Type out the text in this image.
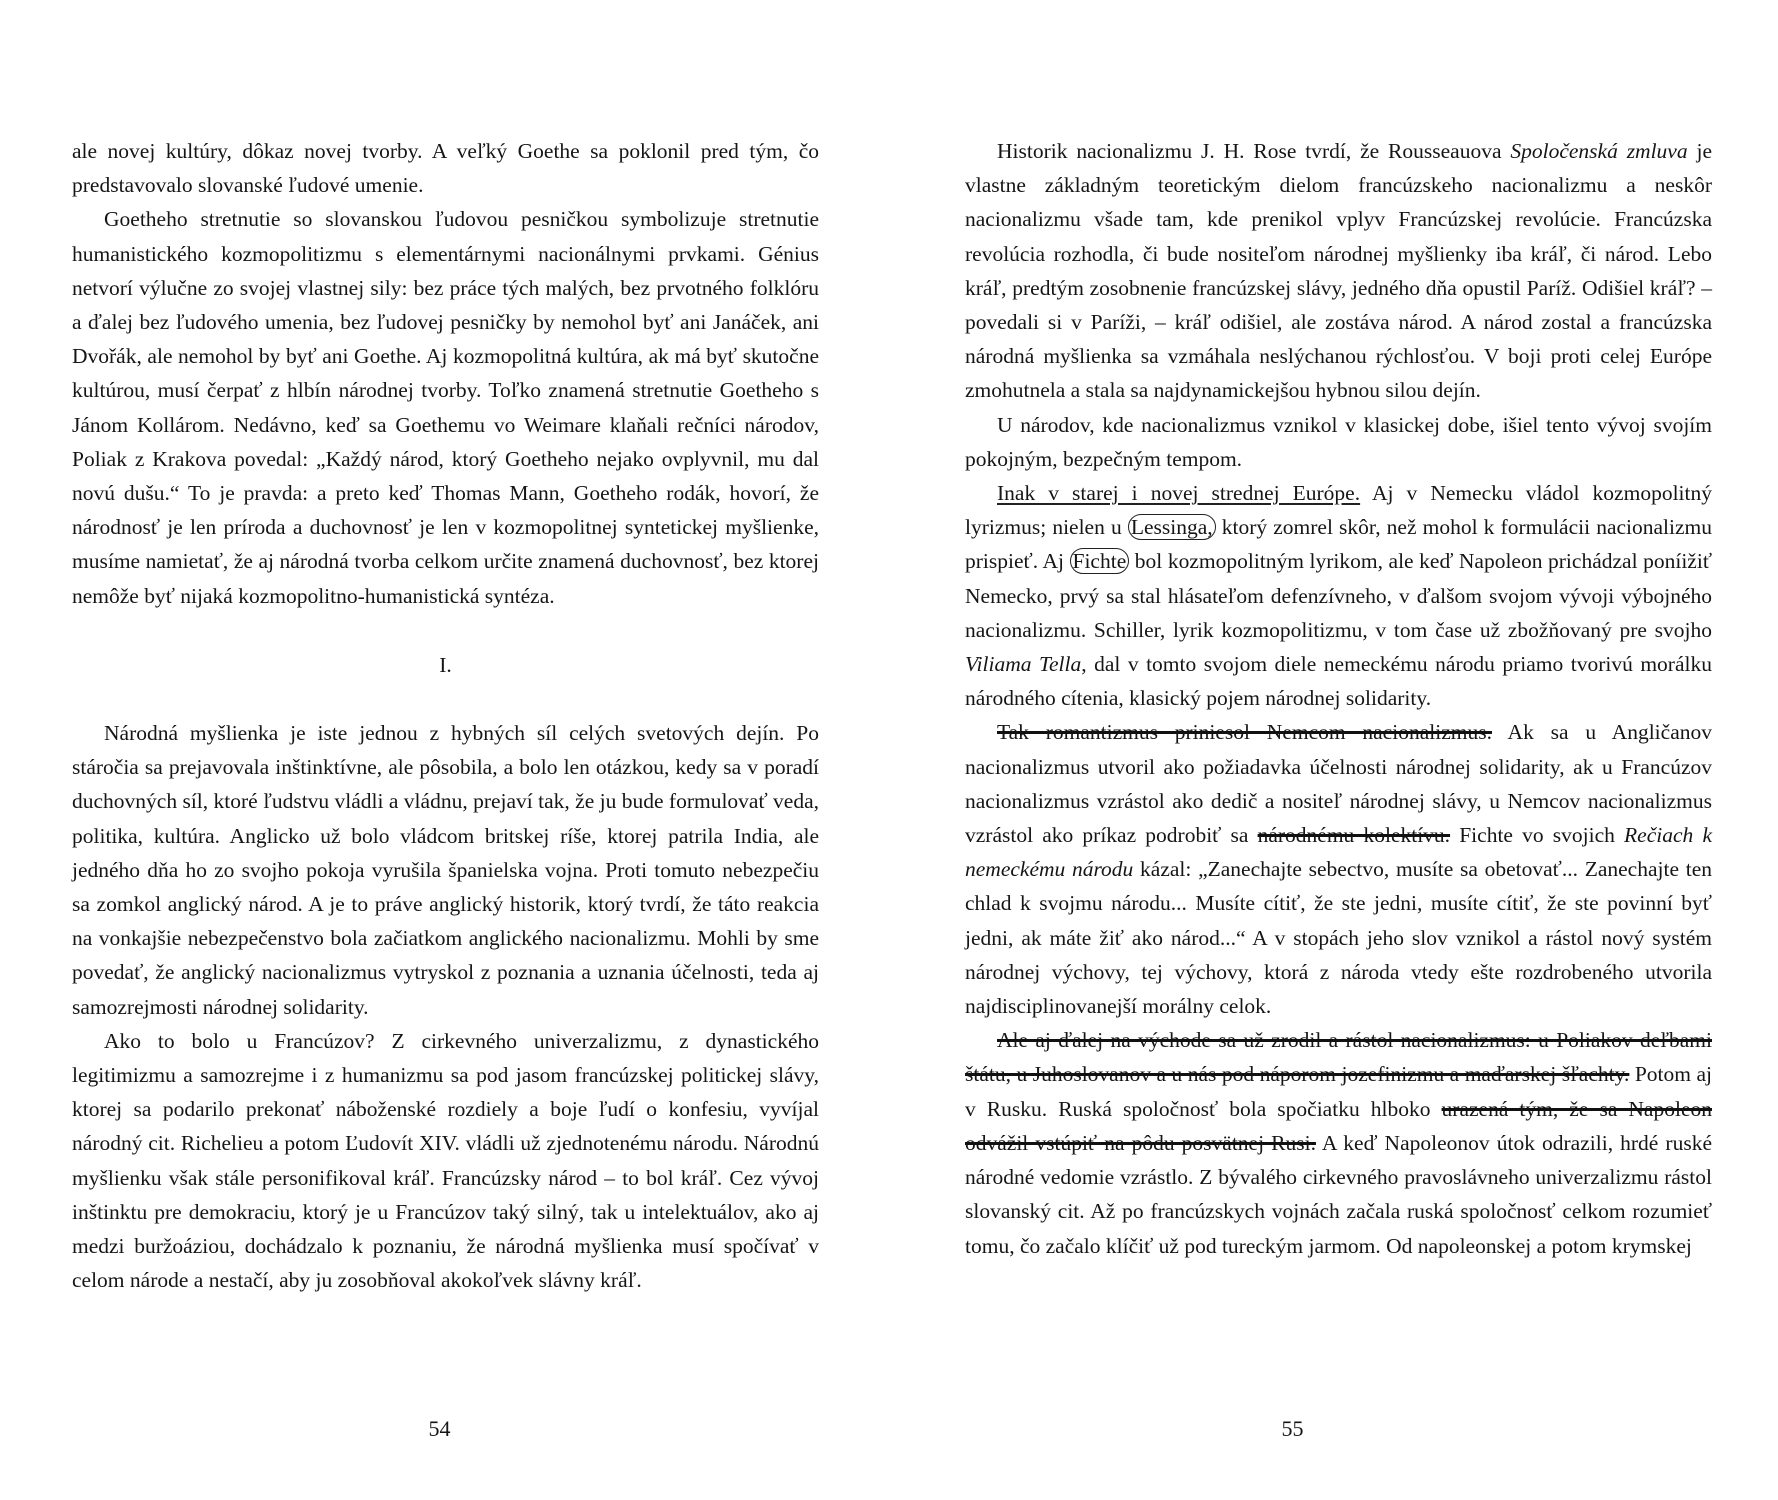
ale novej kultúry, dôkaz novej tvorby. A veľký Goethe sa poklonil pred tým, čo predstavovalo slovanské ľudové umenie.

Goetheho stretnutie so slovanskou ľudovou pesničkou symbolizuje stretnutie humanistického kozmopolitizmu s elementárnymi nacionálnymi prvkami. Génius netvorí výlučne zo svojej vlastnej sily: bez práce tých malých, bez prvotného folklóru a ďalej bez ľudového umenia, bez ľudovej pesničky by nemohol byť ani Janáček, ani Dvořák, ale nemohol by byť ani Goethe. Aj kozmopolitná kultúra, ak má byť skutočne kultúrou, musí čerpať z hlbín národnej tvorby. Toľko znamená stretnutie Goetheho s Jánom Kollárom. Nedávno, keď sa Goethemu vo Weimare klaňali rečníci národov, Poliak z Krakova povedal: „Každý národ, ktorý Goetheho nejako ovplyvnil, mu dal novú dušu.“ To je pravda: a preto keď Thomas Mann, Goetheho rodák, hovorí, že národnosť je len príroda a duchovnosť je len v kozmopolitnej syntetickej myšlienke, musíme namietať, že aj národná tvorba celkom určite znamená duchovnosť, bez ktorej nemôže byť nijaká kozmopolitno-humanistická syntéza.

I.

Národná myšlienka je iste jednou z hybných síl celých svetových dejín. Po stáročia sa prejavovala inštinktívne, ale pôsobila, a bolo len otázkou, kedy sa v poradí duchovných síl, ktoré ľudstvu vládli a vládnu, prejaví tak, že ju bude formulovať veda, politika, kultúra. Anglicko už bolo vládcom britskej ríše, ktorej patrila India, ale jedného dňa ho zo svojho pokoja vyrušila španielska vojna. Proti tomuto nebezpečiu sa zomkol anglický národ. A je to práve anglický historik, ktorý tvrdí, že táto reakcia na vonkajšie nebezpečenstvo bola začiatkom anglického nacionalizmu. Mohli by sme povedať, že anglický nacionalizmus vytryskol z poznania a uznania účelnosti, teda aj samozrejmosti národnej solidarity.

Ako to bolo u Francúzov? Z cirkevného univerzalizmu, z dynastického legitimizmu a samozrejme i z humanizmu sa pod jasom francúzskej politickej slávy, ktorej sa podarilo prekonať náboženské rozdiely a boje ľudí o konfesiu, vyvíjal národný cit. Richelieu a potom Ľudovít XIV. vládli už zjednotenému národu. Národnú myšlienku však stále personifikoval kráľ. Francúzsky národ – to bol kráľ. Cez vývoj inštinktu pre demokraciu, ktorý je u Francúzov taký silný, tak u intelektuálov, ako aj medzi buržoáziou, dochádzalo k poznaniu, že národná myšlienka musí spočívať v celom národe a nestačí, aby ju zosobňoval akokoľvek slávny kráľ.

54

Historik nacionalizmu J. H. Rose tvrdí, že Rousseauova Spoločenská zmluva je vlastne základným teoretickým dielom francúzskeho nacionalizmu a neskôr nacionalizmu všade tam, kde prenikol vplyv Francúzskej revolúcie. Francúzska revolúcia rozhodla, či bude nositeľom národnej myšlienky iba kráľ, či národ. Lebo kráľ, predtým zosobnenie francúzskej slávy, jedného dňa opustil Paríž. Odišiel kráľ? – povedali si v Paríži, – kráľ odišiel, ale zostáva národ. A národ zostal a francúzska národná myšlienka sa vzmáhala neslýchanou rýchlosťou. V boji proti celej Európe zmohutnela a stala sa najdynamickejšou hybnou silou dejín.

U národov, kde nacionalizmus vznikol v klasickej dobe, išiel tento vývoj svojím pokojným, bezpečným tempom.

Inak v starej i novej strednej Európe. Aj v Nemecku vládol kozmopolitný lyrizmus; nielen u Lessinga, ktorý zomrel skôr, než mohol k formulácii nacionalizmu prispieť. Aj Fichte bol kozmopolitným lyrikom, ale keď Napoleon prichádzal poníižiť Nemecko, prvý sa stal hlásateľom defenzívneho, v ďalšom svojom vývoji výbojného nacionalizmu. Schiller, lyrik kozmopolitizmu, v tom čase už zbožňovaný pre svojho Viliama Tella, dal v tomto svojom diele nemeckému národu priamo tvorivú morálku národného cítenia, klasický pojem národnej solidarity.

Tak romantizmus priniesol Nemcom nacionalizmus. Ak sa u Angličanov nacionalizmus utvoril ako požiadavka účelnosti národnej solidarity, ak u Francúzov nacionalizmus vzrástol ako dedič a nositeľ národnej slávy, u Nemcov nacionalizmus vzrástol ako príkaz podrobiť sa národnému kolektívu. Fichte vo svojich Rečiach k nemeckému národu kázal: „Zanechajte sebectvo, musíte sa obetovať... Zanechajte ten chlad k svojmu národu... Musíte cítiť, že ste jedni, musíte cítiť, že ste povinní byť jedni, ak máte žiť ako národ...“ A v stopách jeho slov vznikol a rástol nový systém národnej výchovy, tej výchovy, ktorá z národa vtedy ešte rozdrobeného utvorila najdisciplinovanejší morálny celok.

Ale aj ďalej na východe sa už zrodil a rástol nacionalizmus: u Poliakov deľbami štátu, u Juhoslovanov a u nás pod náporom jozefinizmu a maďarskej šľachty. Potom aj v Rusku. Ruská spoločnosť bola spočiatku hlboko urazená tým, že sa Napoleon odvážil vstúpiť na pôdu posvätnej Rusi. A keď Napoleonov útok odrazili, hrdé ruské národné vedomie vzrástlo. Z bývalého cirkevného pravoslávneho univerzalizmu rástol slovanský cit. Až po francúzskych vojnách začala ruská spoločnosť celkom rozumieť tomu, čo začalo klíčiť už pod tureckým jarmom. Od napoleonskej a potom krymskej

55
